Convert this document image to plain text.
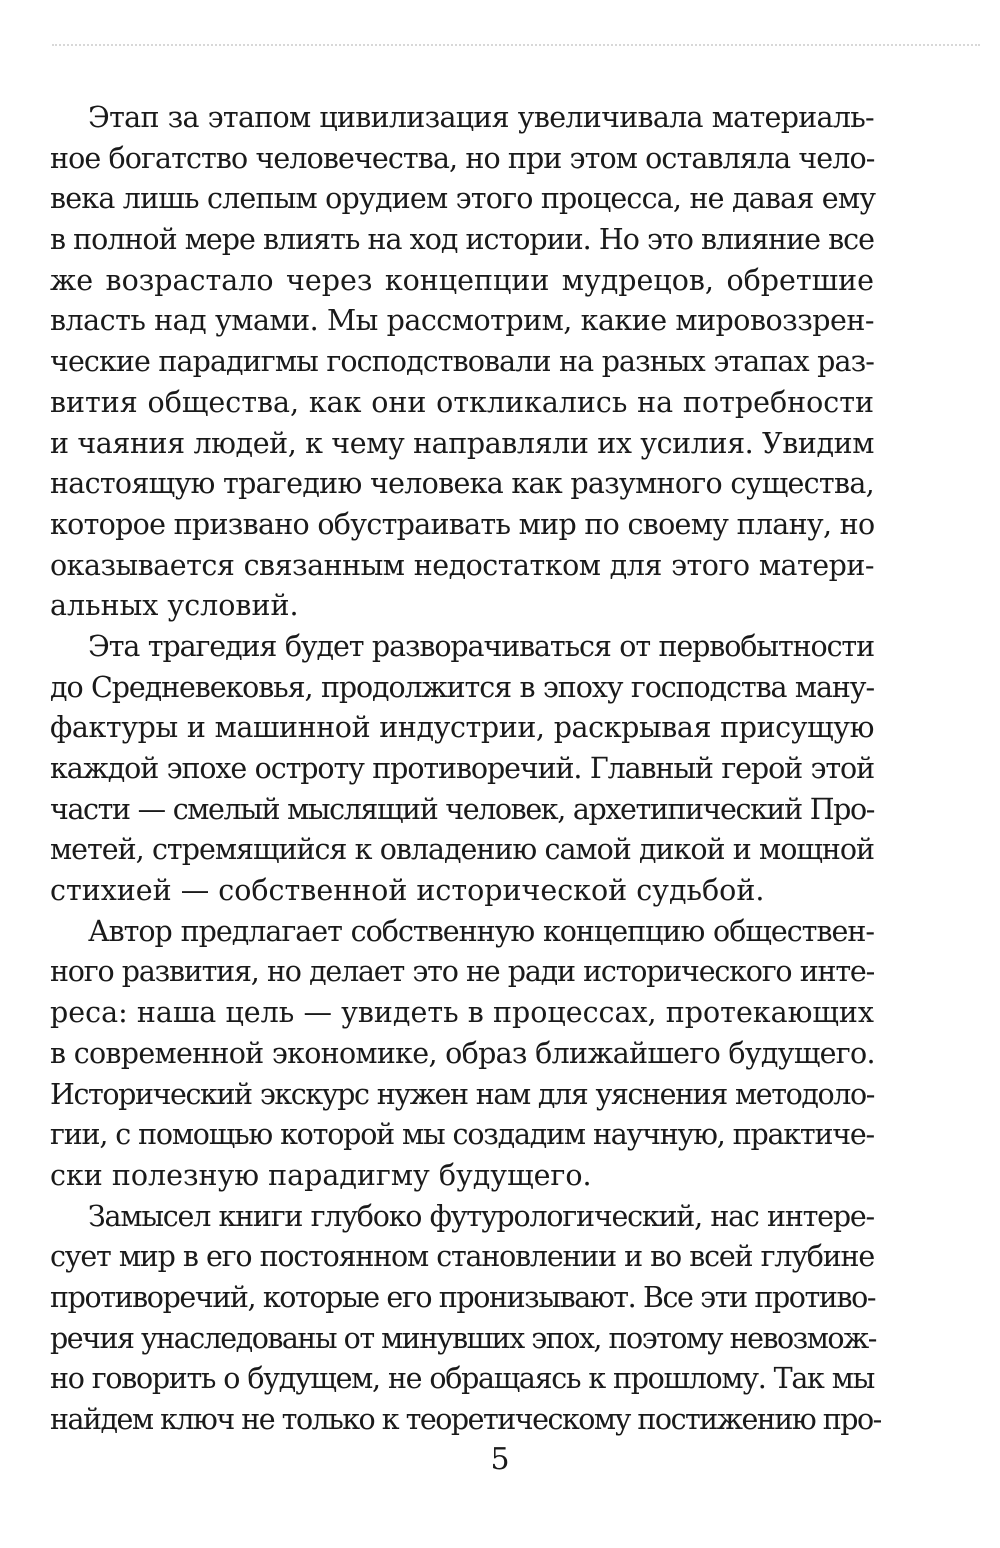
Этап за этапом цивилизация увеличивала материаль-
ное богатство человечества, но при этом оставляла чело-
века лишь слепым орудием этого процесса, не давая ему
в полной мере влиять на ход истории. Но это влияние все
же возрастало через концепции мудрецов, обретшие
власть над умами. Мы рассмотрим, какие мировоззрен-
ческие парадигмы господствовали на разных этапах раз-
вития общества, как они откликались на потребности
и чаяния людей, к чему направляли их усилия. Увидим
настоящую трагедию человека как разумного существа,
которое призвано обустраивать мир по своему плану, но
оказывается связанным недостатком для этого матери-
альных условий.
Эта трагедия будет разворачиваться от первобытности
до Средневековья, продолжится в эпоху господства ману-
фактуры и машинной индустрии, раскрывая присущую
каждой эпохе остроту противоречий. Главный герой этой
части — смелый мыслящий человек, архетипический Про-
метей, стремящийся к овладению самой дикой и мощной
стихией — собственной исторической судьбой.
Автор предлагает собственную концепцию обществен-
ного развития, но делает это не ради исторического инте-
реса: наша цель — увидеть в процессах, протекающих
в современной экономике, образ ближайшего будущего.
Исторический экскурс нужен нам для уяснения методоло-
гии, с помощью которой мы создадим научную, практиче-
ски полезную парадигму будущего.
Замысел книги глубоко футурологический, нас интере-
сует мир в его постоянном становлении и во всей глубине
противоречий, которые его пронизывают. Все эти противо-
речия унаследованы от минувших эпох, поэтому невозмож-
но говорить о будущем, не обращаясь к прошлому. Так мы
найдем ключ не только к теоретическому постижению про-
5
